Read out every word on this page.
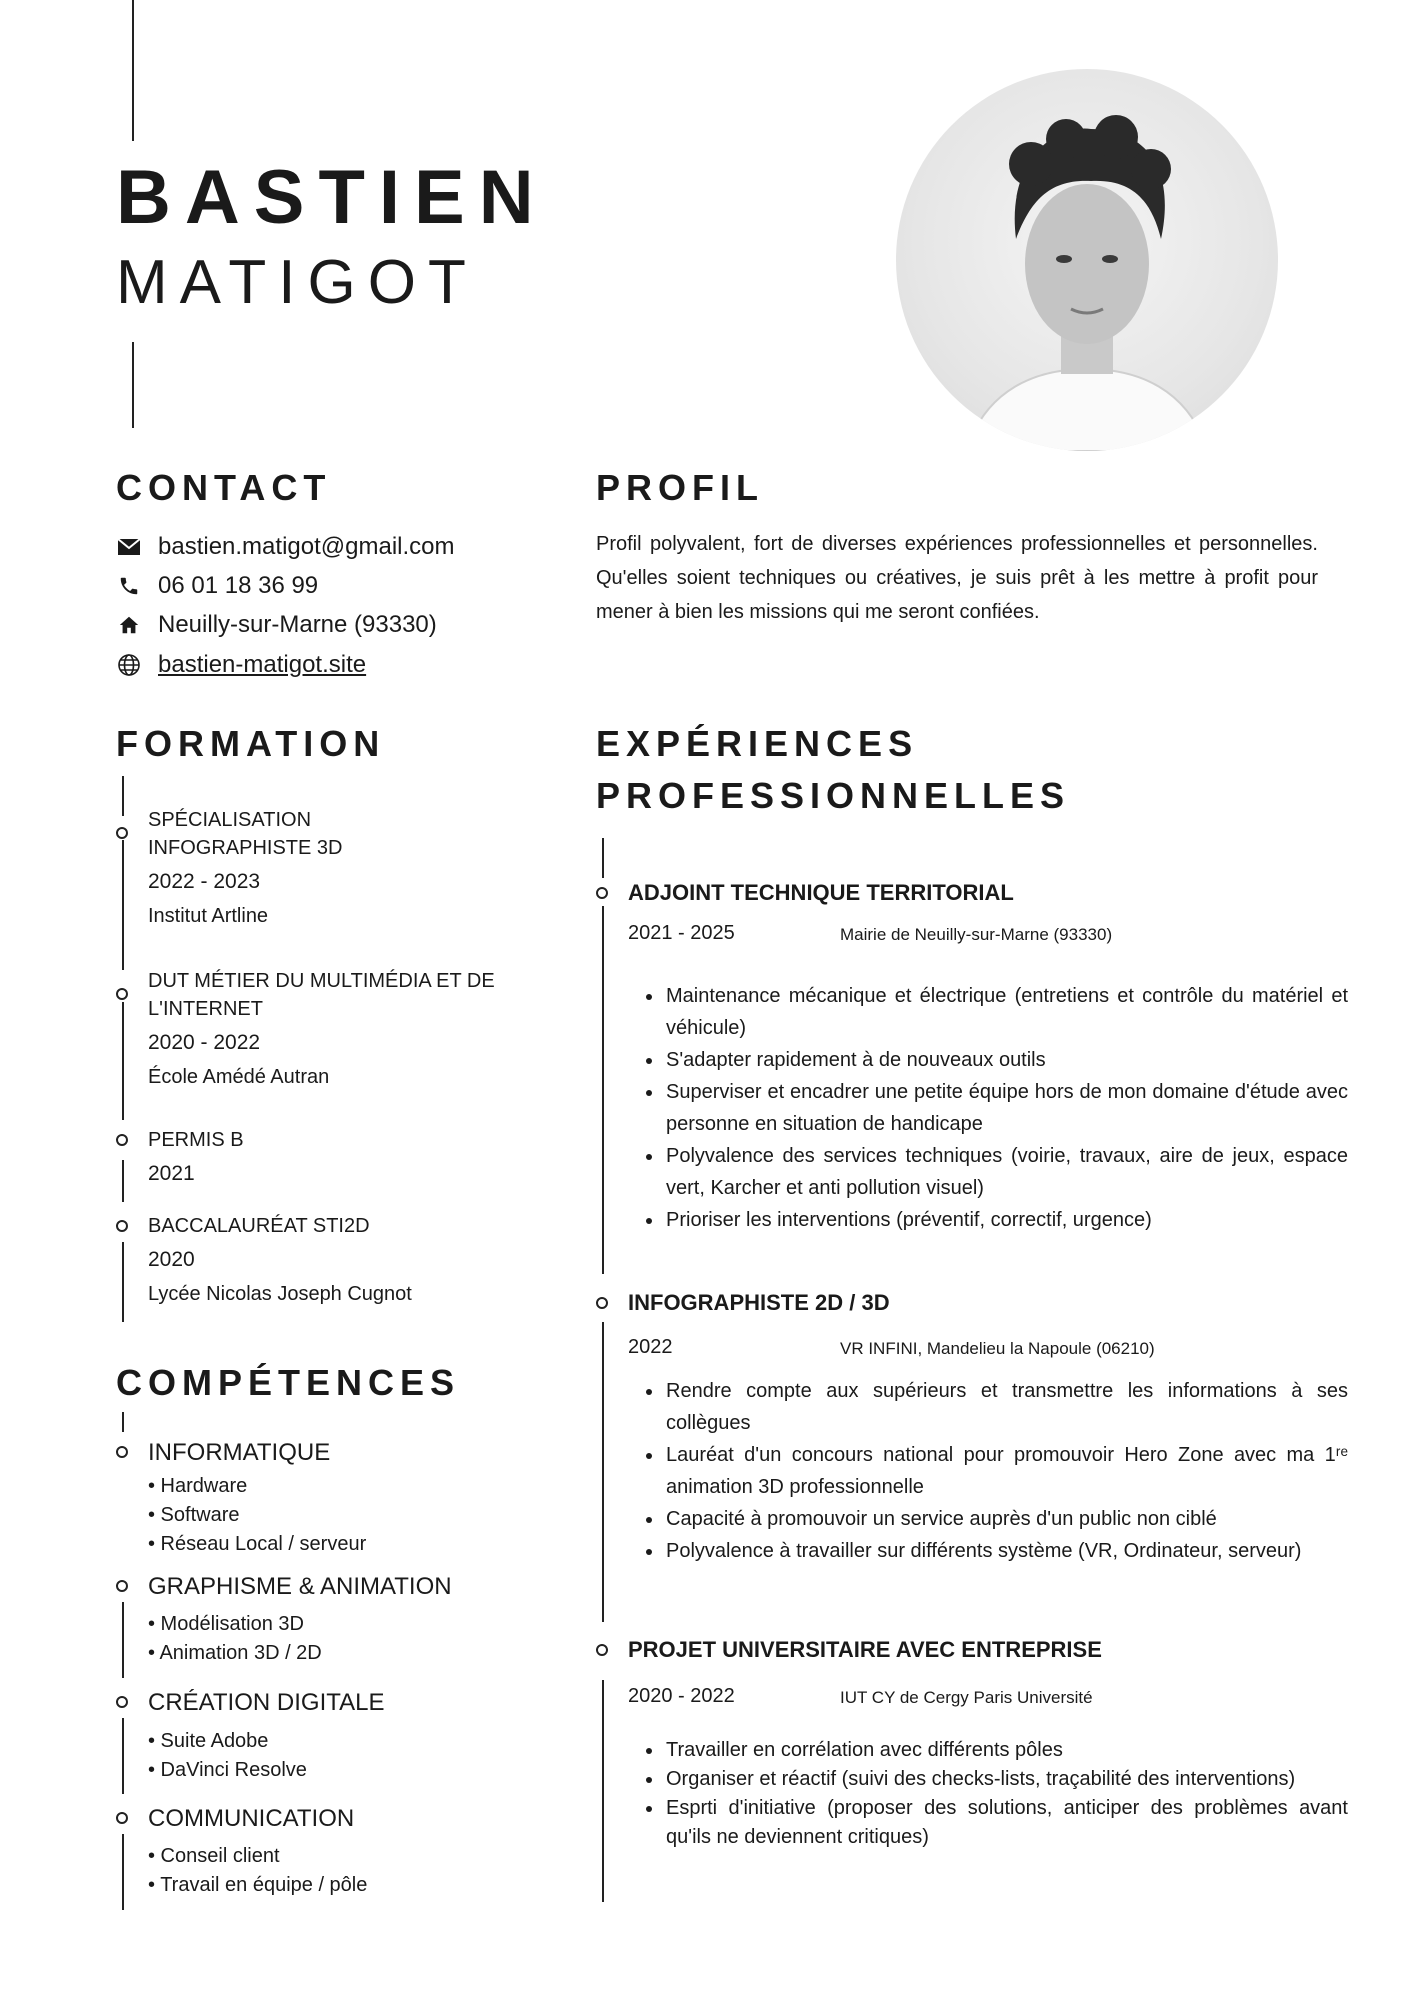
BASTIEN
MATIGOT
CONTACT
bastien.matigot@gmail.com
06 01 18 36 99
Neuilly-sur-Marne (93330)
bastien-matigot.site
PROFIL

Profil polyvalent, fort de diverses expériences professionnelles et personnelles. Qu'elles soient techniques ou créatives, je suis prêt à les mettre à profit pour mener à bien les missions qui me seront confiées.

FORMATION
SPÉCIALISATION INFOGRAPHISTE 3D
2022 - 2023
Institut Artline
DUT MÉTIER DU MULTIMÉDIA ET DE L'INTERNET
2020 - 2022
École Amédé Autran
PERMIS B
2021
BACCALAURÉAT STI2D
2020
Lycée Nicolas Joseph Cugnot
COMPÉTENCES
INFORMATIQUE
• Hardware
• Software
• Réseau Local / serveur
GRAPHISME & ANIMATION
• Modélisation 3D
• Animation 3D / 2D
CRÉATION DIGITALE
• Suite Adobe
• DaVinci Resolve
COMMUNICATION
• Conseil client
• Travail en équipe / pôle
EXPÉRIENCES
PROFESSIONNELLES
ADJOINT TECHNIQUE TERRITORIAL
2021 - 2025	Mairie de Neuilly-sur-Marne (93330)
• Maintenance mécanique et électrique (entretiens et contrôle du matériel et véhicule)
• S'adapter rapidement à de nouveaux outils
• Superviser et encadrer une petite équipe hors de mon domaine d'étude avec personne en situation de handicape
• Polyvalence des services techniques (voirie, travaux, aire de jeux, espace vert, Karcher et anti pollution visuel)
• Prioriser les interventions (préventif, correctif, urgence)
INFOGRAPHISTE 2D / 3D
2022	VR INFINI, Mandelieu la Napoule (06210)
• Rendre compte aux supérieurs et transmettre les informations à ses collègues
• Lauréat d'un concours national pour promouvoir Hero Zone avec ma 1ʳᵉ animation 3D professionnelle
• Capacité à promouvoir un service auprès d'un public non ciblé
• Polyvalence à travailler sur différents système (VR, Ordinateur, serveur)
PROJET UNIVERSITAIRE AVEC ENTREPRISE
2020 - 2022	IUT CY de Cergy Paris Université
• Travailler en corrélation avec différents pôles
• Organiser et réactif (suivi des checks-lists, traçabilité des interventions)
• Esprti d'initiative (proposer des solutions, anticiper des problèmes avant qu'ils ne deviennent critiques)
